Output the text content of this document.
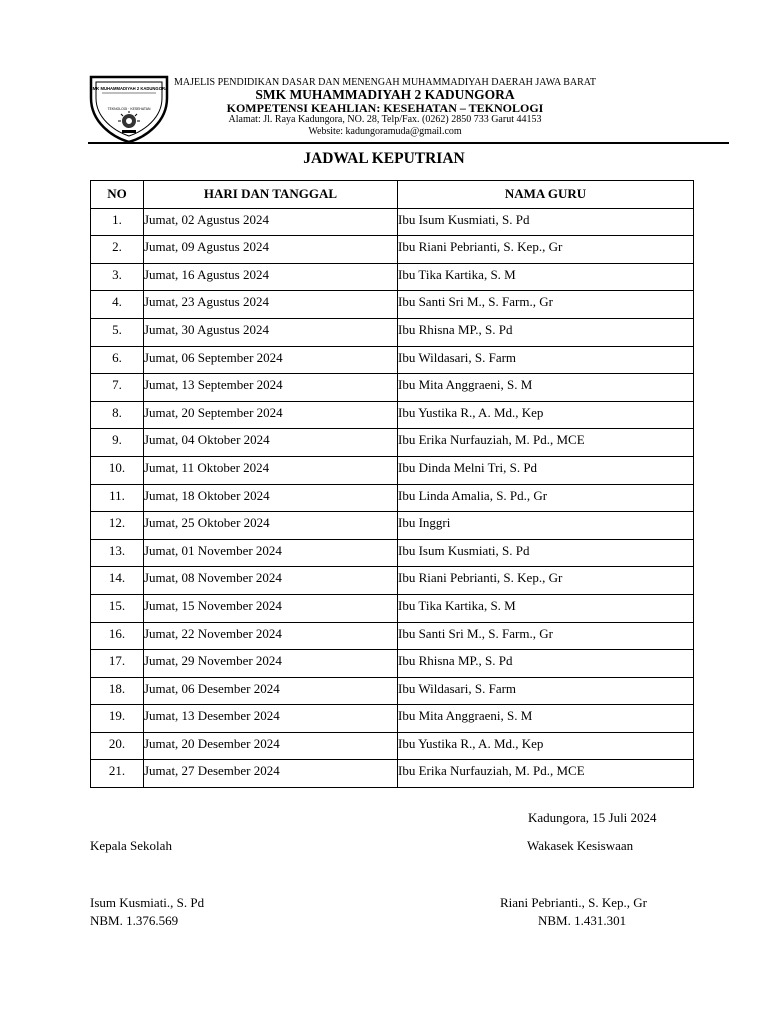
SMK MUHAMMADIYAH 2 KADUNGORA
TEKNOLOGI · KESEHATAN
MAJELIS PENDIDIKAN DASAR DAN MENENGAH MUHAMMADIYAH DAERAH JAWA BARAT
SMK MUHAMMADIYAH 2 KADUNGORA
KOMPETENSI KEAHLIAN: KESEHATAN – TEKNOLOGI
Alamat: Jl. Raya Kadungora, NO. 28, Telp/Fax. (0262) 2850 733 Garut 44153
Website: kadungoramuda@gmail.com
JADWAL KEPUTRIAN
NO	HARI DAN TANGGAL	NAMA GURU
1.	Jumat, 02 Agustus 2024	Ibu Isum Kusmiati, S. Pd
2.	Jumat, 09 Agustus 2024	Ibu Riani Pebrianti, S. Kep., Gr
3.	Jumat, 16 Agustus 2024	Ibu Tika Kartika, S. M
4.	Jumat, 23 Agustus 2024	Ibu Santi Sri M., S. Farm., Gr
5.	Jumat, 30 Agustus 2024	Ibu Rhisna MP., S. Pd
6.	Jumat, 06 September 2024	Ibu Wildasari, S. Farm
7.	Jumat, 13 September 2024	Ibu Mita Anggraeni, S. M
8.	Jumat, 20 September 2024	Ibu Yustika R., A. Md., Kep
9.	Jumat, 04 Oktober 2024	Ibu Erika Nurfauziah, M. Pd., MCE
10.	Jumat, 11 Oktober 2024	Ibu Dinda Melni Tri, S. Pd
11.	Jumat, 18 Oktober 2024	Ibu Linda Amalia, S. Pd., Gr
12.	Jumat, 25 Oktober 2024	Ibu Inggri
13.	Jumat, 01 November 2024	Ibu Isum Kusmiati, S. Pd
14.	Jumat, 08 November 2024	Ibu Riani Pebrianti, S. Kep., Gr
15.	Jumat, 15 November 2024	Ibu Tika Kartika, S. M
16.	Jumat, 22 November 2024	Ibu Santi Sri M., S. Farm., Gr
17.	Jumat, 29 November 2024	Ibu Rhisna MP., S. Pd
18.	Jumat, 06 Desember 2024	Ibu Wildasari, S. Farm
19.	Jumat, 13 Desember 2024	Ibu Mita Anggraeni, S. M
20.	Jumat, 20 Desember 2024	Ibu Yustika R., A. Md., Kep
21.	Jumat, 27 Desember 2024	Ibu Erika Nurfauziah, M. Pd., MCE
Kadungora, 15 Juli 2024
Kepala Sekolah	Wakasek Kesiswaan
Isum Kusmiati., S. Pd
NBM. 1.376.569
Riani Pebrianti., S. Kep., Gr
NBM. 1.431.301
